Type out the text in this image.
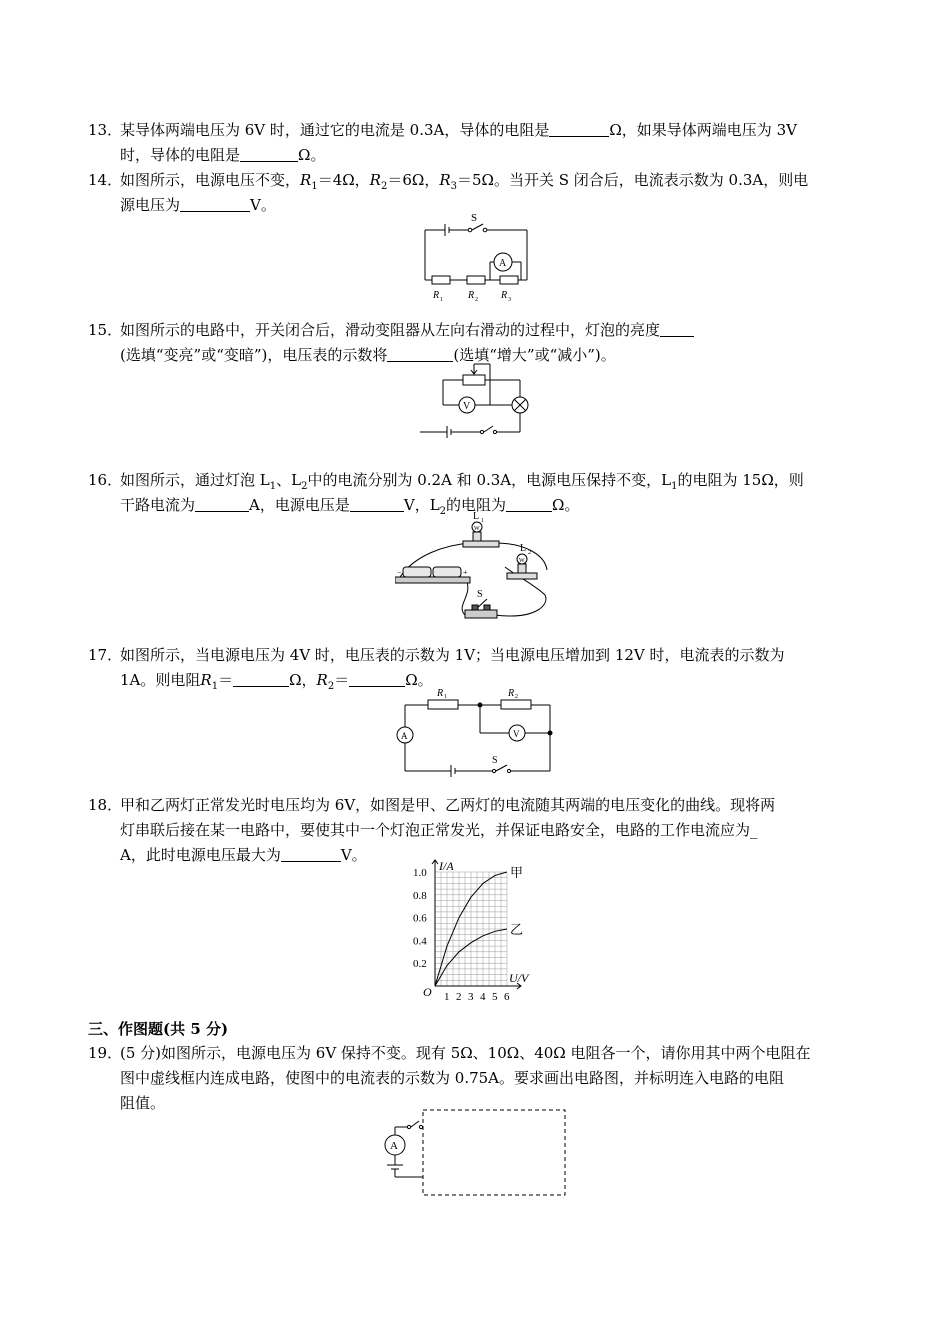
13．
某导体两端电压为 6V 时，通过它的电流是 0.3A，导体的电阻是	Ω，如果导体两端电压为 3V
时，导体的电阻是	Ω。
14．
如图所示，电源电压不变，$R_1=4\Omega$，$R_2=6\Omega$，$R_3=5\Omega$。当开关 S 闭合后，电流表示数为 0.3A，则电
源电压为	V。
S
A
R 1	R 2 R 3
15．
如图所示的电路中，开关闭合后，滑动变阻器从左向右滑动的过程中，灯泡的亮度
(选填“变亮”或“变暗”)，电压表的示数将	(选填“增大”或“减小”)。
V
16．
如图所示，通过灯泡 $L_1$、$L_2$中的电流分别为 0.2A 和 0.3A，电源电压保持不变，$L_1$的电阻为 15Ω，则
干路电流为	A，电源电压是	V，$L_2$的电阻为	Ω。
W
W
L 1
L 2
S
+
−
17．
如图所示，当电源电压为 4V 时，电压表的示数为 1V；当电源电压增加到 12V 时，电流表的示数为
1A。则电阻$R_1=$	Ω，$R_2=$	Ω。
R 1	R 2
A	V
S
18．
甲和乙两灯正常发光时电压均为 6V，如图是甲、乙两灯的电流随其两端的电压变化的曲线。现将两
灯串联后接在某一电路中，要使其中一个灯泡正常发光，并保证电路安全，电路的工作电流应为_
A，此时电源电压最大为	V。
0.2
0.4
0.6
0.8
1.0
1 2 3 4 5 6
O
I/A
U/V
甲
乙
三、作图题(共 5 分)
19．
(5 分)如图所示，电源电压为 6V 保持不变。现有 5Ω、10Ω、40Ω 电阻各一个，请你用其中两个电阻在
图中虚线框内连成电路，使图中的电流表的示数为 0.75A。要求画出电路图，并标明连入电路的电阻
阻值。
A
